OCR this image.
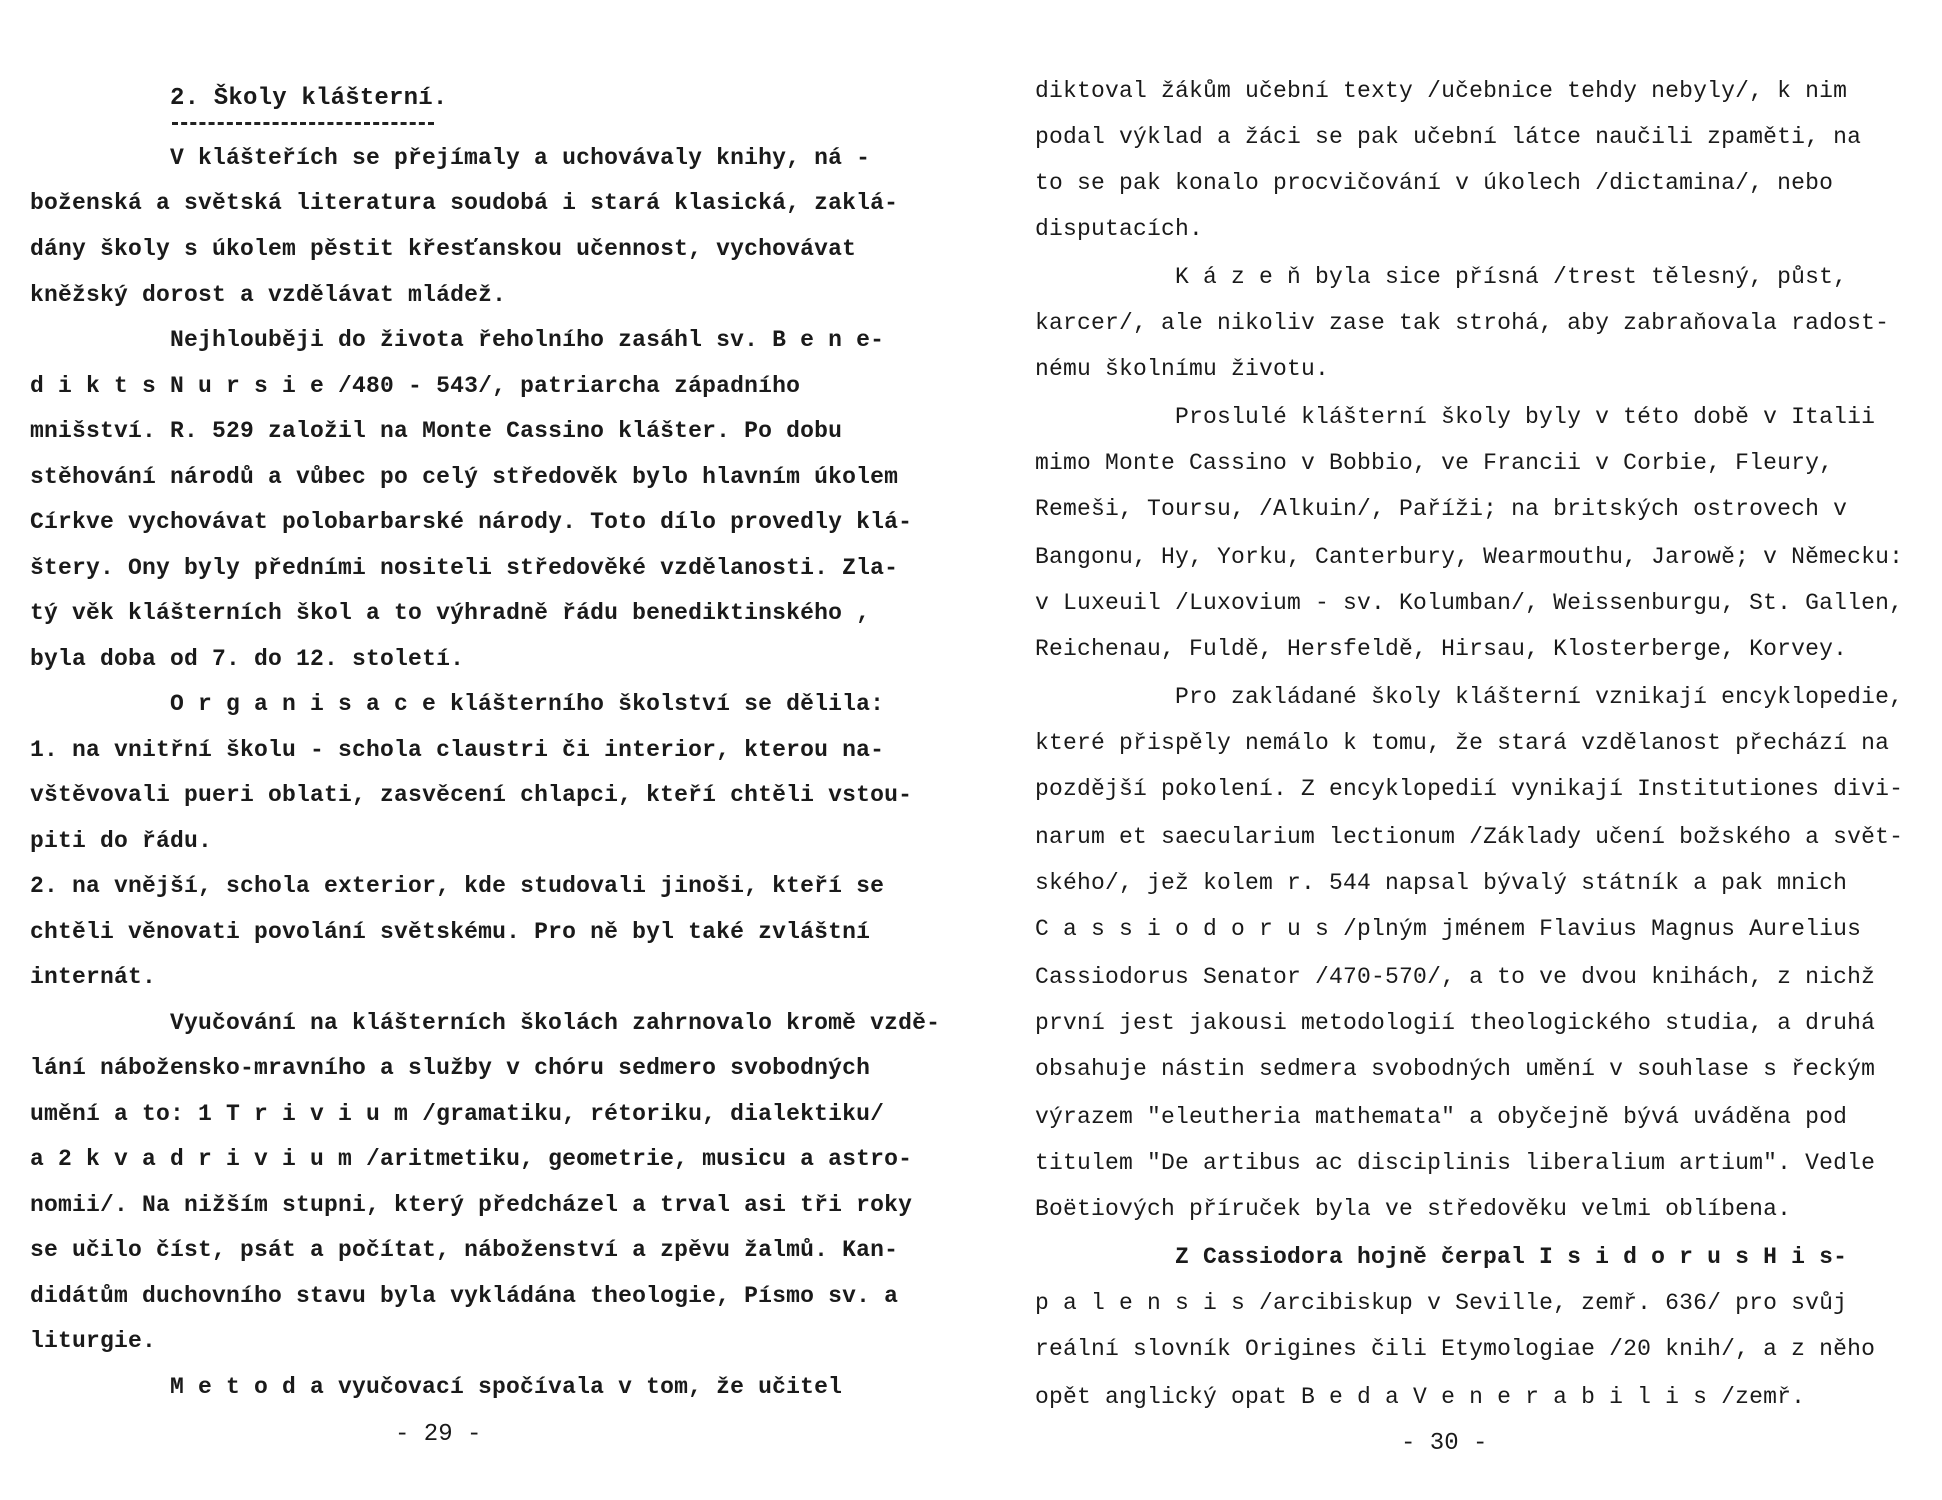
2. Školy klášterní.
V klášteřích se přejímaly a uchovávaly knihy, ná -
boženská a světská literatura soudobá i stará klasická, zaklá-
dány školy s úkolem pěstit křesťanskou učennost, vychovávat
kněžský dorost a vzdělávat mládež.
Nejhlouběji do života řeholního zasáhl sv. B e n e-
d i k t s N u r s i e /480 - 543/, patriarcha západního
mnišství. R. 529 založil na Monte Cassino klášter. Po dobu
stěhování národů a vůbec po celý středověk bylo hlavním úkolem
Církve vychovávat polobarbarské národy. Toto dílo provedly klá-
štery. Ony byly předními nositeli středověké vzdělanosti. Zla-
tý věk klášterních škol a to výhradně řádu benediktinského ,
byla doba od 7. do 12. století.
O r g a n i s a c e klášterního školství se dělila:
1. na vnitřní školu - schola claustri či interior, kterou na-
vštěvovali pueri oblati, zasvěcení chlapci, kteří chtěli vstou-
piti do řádu.
2. na vnější, schola exterior, kde studovali jinoši, kteří se
chtěli věnovati povolání světskému. Pro ně byl také zvláštní
internát.
Vyučování na klášterních školách zahrnovalo kromě vzdě-
lání nábožensko-mravního a služby v chóru sedmero svobodných
umění a to: 1 T r i v i u m /gramatiku, rétoriku, dialektiku/
a 2 k v a d r i v i u m /aritmetiku, geometrie, musicu a astro-
nomii/. Na nižším stupni, který předcházel a trval asi tři roky
se učilo číst, psát a počítat, náboženství a zpěvu žalmů. Kan-
didátům duchovního stavu byla vykládána theologie, Písmo sv. a
liturgie.
M e t o d a vyučovací spočívala v tom, že učitel
- 29 -
diktoval žákům učební texty /učebnice tehdy nebyly/, k nim
podal výklad a žáci se pak učební látce naučili zpaměti, na
to se pak konalo procvičování v úkolech /dictamina/, nebo
disputacích.
K á z e ň byla sice přísná /trest tělesný, půst,
karcer/, ale nikoliv zase tak strohá, aby zabraňovala radost-
nému školnímu životu.
Proslulé klášterní školy byly v této době v Italii
mimo Monte Cassino v Bobbio, ve Francii v Corbie, Fleury,
Remeši, Toursu, /Alkuin/, Paříži; na britských ostrovech v
Bangonu, Hy, Yorku, Canterbury, Wearmouthu, Jarowě; v Německu:
v Luxeuil /Luxovium - sv. Kolumban/, Weissenburgu, St. Gallen,
Reichenau, Fuldě, Hersfeldě, Hirsau, Klosterberge, Korvey.
Pro zakládané školy klášterní vznikají encyklopedie,
které přispěly nemálo k tomu, že stará vzdělanost přechází na
pozdější pokolení. Z encyklopedií vynikají Institutiones divi-
narum et saecularium lectionum /Základy učení božského a svět-
ského/, jež kolem r. 544 napsal bývalý státník a pak mnich
C a s s i o d o r u s /plným jménem Flavius Magnus Aurelius
Cassiodorus Senator /470-570/, a to ve dvou knihách, z nichž
první jest jakousi metodologií theologického studia, a druhá
obsahuje nástin sedmera svobodných umění v souhlase s řeckým
výrazem "eleutheria mathemata" a obyčejně bývá uváděna pod
titulem "De artibus ac disciplinis liberalium artium". Vedle
Boëtiových příruček byla ve středověku velmi oblíbena.
Z Cassiodora hojně čerpal I s i d o r u s H i s-
p a l e n s i s /arcibiskup v Seville, zemř. 636/ pro svůj
reální slovník Origines čili Etymologiae /20 knih/, a z něho
opět anglický opat B e d a V e n e r a b i l i s /zemř.
- 30 -
